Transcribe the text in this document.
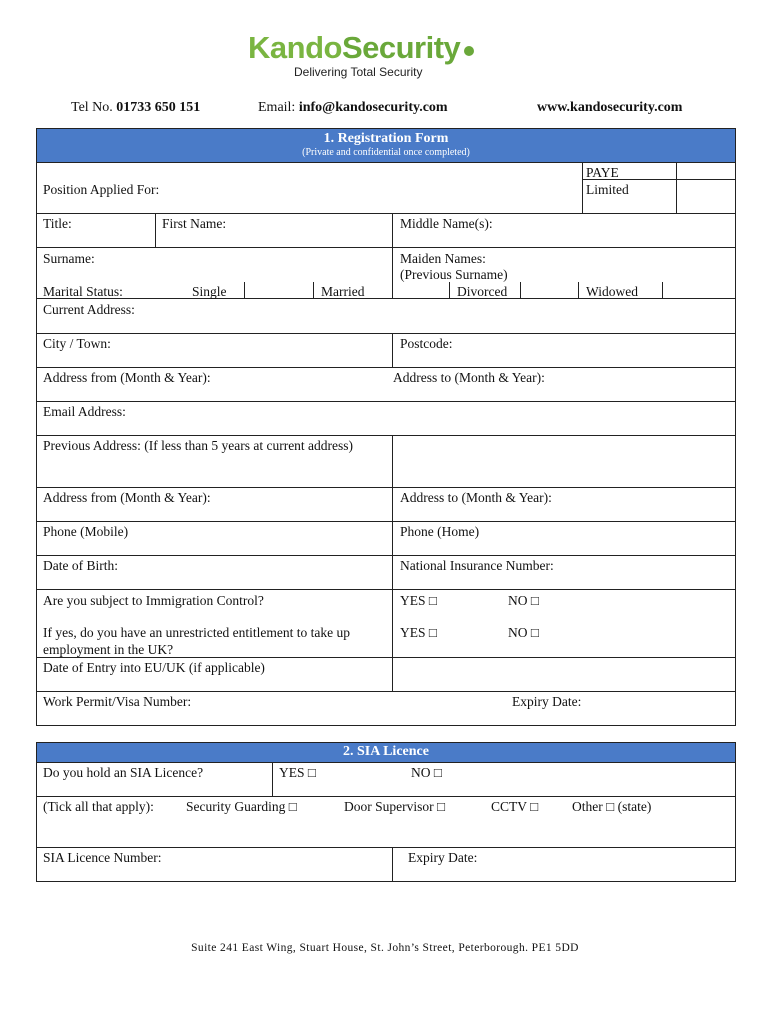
KandoSecurity
Delivering Total Security
Tel No. 01733 650 151	Email: info@kandosecurity.com	www.kandosecurity.com
1. Registration Form
(Private and confidential once completed)
Position Applied For:
PAYE
Limited
Title:	First Name:	Middle Name(s):
Surname:	Maiden Names:
(Previous Surname)
Marital Status:	Single	Married	Divorced	Widowed
Current Address:
City / Town:	Postcode:
Address from (Month & Year):	Address to (Month & Year):
Email Address:
Previous Address: (If less than 5 years at current address)
Address from (Month & Year):	Address to (Month & Year):
Phone (Mobile)	Phone (Home)
Date of Birth:	National Insurance Number:
Are you subject to Immigration Control?	YES □	NO □
If yes, do you have an unrestricted entitlement to take up employment in the UK?
YES □	NO □
Date of Entry into EU/UK (if applicable)
Work Permit/Visa Number:	Expiry Date:
2. SIA Licence
Do you hold an SIA Licence?	YES □	NO □
(Tick all that apply): Security Guarding □	Door Supervisor □	CCTV □ Other □ (state)
SIA Licence Number:	Expiry Date:
Suite 241 East Wing, Stuart House, St. John’s Street, Peterborough. PE1 5DD
